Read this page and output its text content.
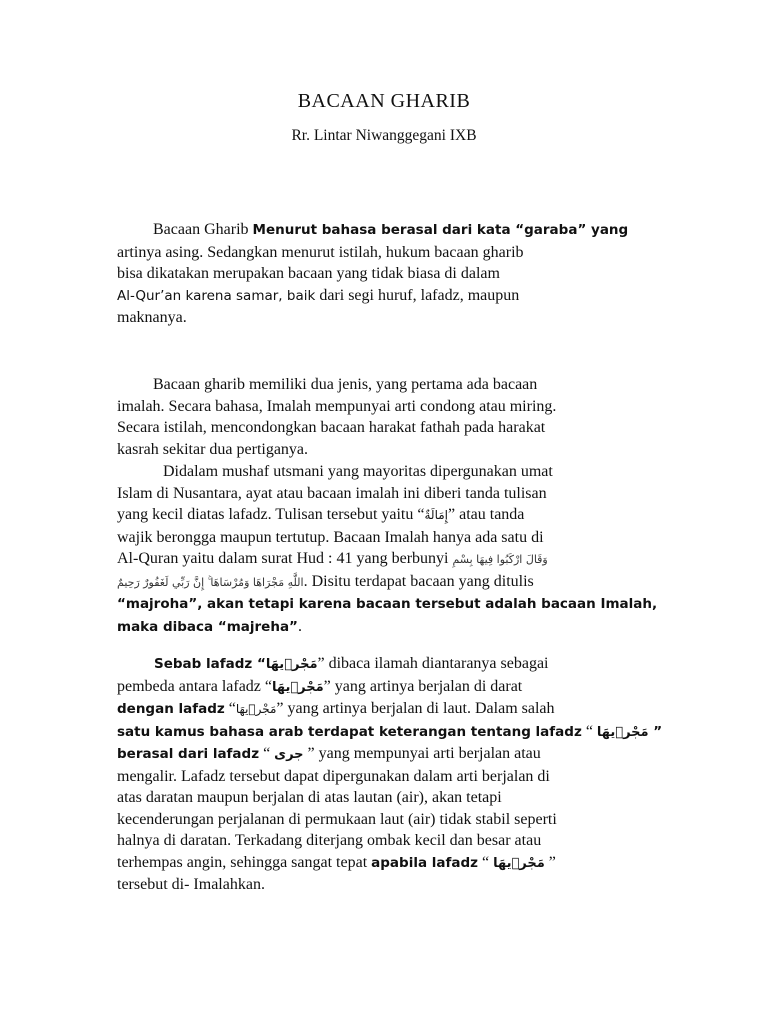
BACAAN GHARIB
Rr. Lintar Niwanggegani IXB
Bacaan Gharib Menurut bahasa berasal dari kata “garaba” yang
artinya asing. Sedangkan menurut istilah, hukum bacaan gharib
bisa dikatakan merupakan bacaan yang tidak biasa di dalam
Al-Qur’an karena samar, baik dari segi huruf, lafadz, maupun
maknanya.
Bacaan gharib memiliki dua jenis, yang pertama ada bacaan
imalah. Secara bahasa, Imalah mempunyai arti condong atau miring.
Secara istilah, mencondongkan bacaan harakat fathah pada harakat
kasrah sekitar dua pertiganya.
Didalam mushaf utsmani yang mayoritas dipergunakan umat
Islam di Nusantara, ayat atau bacaan imalah ini diberi tanda tulisan
yang kecil diatas lafadz. Tulisan tersebut yaitu “إِمَالَةٌ” atau tanda
wajik berongga maupun tertutup. Bacaan Imalah hanya ada satu di
Al-Quran yaitu dalam surat Hud : 41 yang berbunyi وَقَالَ ارْكَبُوا فِيهَا بِسْمِ
اللَّهِ مَجْرَاهَا وَمُرْسَاهَا ۚ إِنَّ رَبِّي لَغَفُورٌ رَحِيمٌ. Disitu terdapat bacaan yang ditulis
“majroha”, akan tetapi karena bacaan tersebut adalah bacaan Imalah,
maka dibaca “majreha”.
Sebab lafadz “مَجْرٖيهَا” dibaca ilamah diantaranya sebagai
pembeda antara lafadz “مَجْرٖيهَا” yang artinya berjalan di darat
dengan lafadz “مَجْرٖيهَا” yang artinya berjalan di laut. Dalam salah
satu kamus bahasa arab terdapat keterangan tentang lafadz “ مَجْرٖيهَا ”
berasal dari lafadz “ جرى ” yang mempunyai arti berjalan atau
mengalir. Lafadz tersebut dapat dipergunakan dalam arti berjalan di
atas daratan maupun berjalan di atas lautan (air), akan tetapi
kecenderungan perjalanan di permukaan laut (air) tidak stabil seperti
halnya di daratan. Terkadang diterjang ombak kecil dan besar atau
terhempas angin, sehingga sangat tepat apabila lafadz “ مَجْرٖيهَا ”
tersebut di- Imalahkan.
